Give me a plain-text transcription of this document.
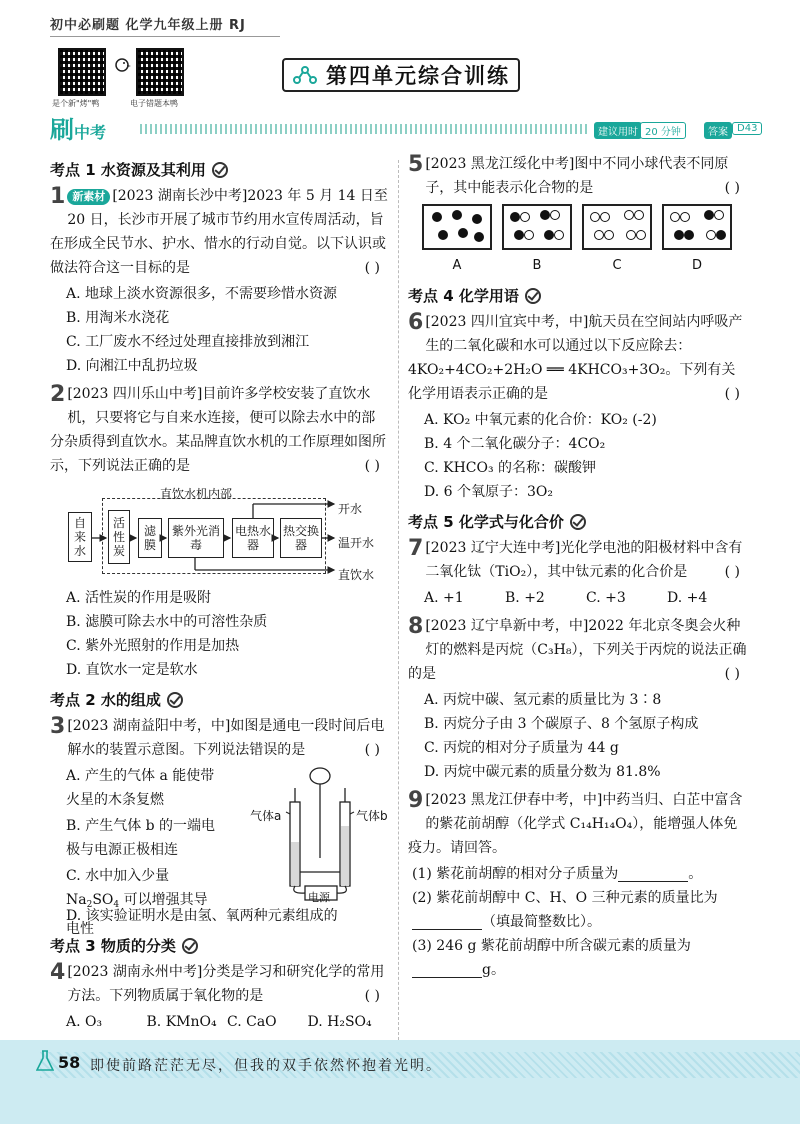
初中必刷题 化学九年级上册 RJ
是个新"烤"鸭	电子错题本鸭
第四单元综合训练
刷中考	建议用时 20 分钟	答案 D43
考点 1 水资源及其利用
1 新素材 [2023 湖南长沙中考]2023 年 5 月 14 日至 20 日，长沙市开展了城市节约用水宣传周活动，旨在形成全民节水、护水、惜水的行动自觉。以下认识或做法符合这一目标的是	( )
A. 地球上淡水资源很多，不需要珍惜水资源
B. 用淘米水浇花
C. 工厂废水不经过处理直接排放到湘江
D. 向湘江中乱扔垃圾
2 [2023 四川乐山中考]目前许多学校安装了直饮水机，只要将它与自来水连接，便可以除去水中的部分杂质得到直饮水。某品牌直饮水机的工作原理如图所示，下列说法正确的是	( )
直饮水机内部
自来水
活性炭
滤膜
紫外光消毒
电热水器
热交换器
开水
温开水
直饮水
A. 活性炭的作用是吸附
B. 滤膜可除去水中的可溶性杂质
C. 紫外光照射的作用是加热
D. 直饮水一定是软水
考点 2 水的组成
3 [2023 湖南益阳中考，中]如图是通电一段时间后电解水的装置示意图。下列说法错误的是	( )
A. 产生的气体 a 能使带火星的木条复燃
B. 产生气体 b 的一端电极与电源正极相连
C. 水中加入少量 $Na_2SO_4$ 可以增强其导电性
气体a	气体b
电源
D. 该实验证明水是由氢、氧两种元素组成的
考点 3 物质的分类
4 [2023 湖南永州中考]分类是学习和研究化学的常用方法。下列物质属于氧化物的是	( )
A. O₃	B. KMnO₄ C. CaO	D. H₂SO₄
5 [2023 黑龙江绥化中考]图中不同小球代表不同原子，其中能表示化合物的是	( )
A	B	C	D
考点 4 化学用语
6 [2023 四川宜宾中考，中]航天员在空间站内呼吸产生的二氧化碳和水可以通过以下反应除去：4KO₂+4CO₂+2H₂O ══ 4KHCO₃+3O₂。下列有关化学用语表示正确的是	( )
A. KO₂ 中氧元素的化合价：KO₂ (-2)
B. 4 个二氧化碳分子：4CO₂
C. KHCO₃ 的名称：碳酸钾
D. 6 个氧原子：3O₂
考点 5 化学式与化合价
7 [2023 辽宁大连中考]光化学电池的阳极材料中含有二氧化钛（TiO₂），其中钛元素的化合价是	( )
A. +1	B. +2	C. +3	D. +4
8 [2023 辽宁阜新中考，中]2022 年北京冬奥会火种灯的燃料是丙烷（C₃H₈），下列关于丙烷的说法正确的是	( )
A. 丙烷中碳、氢元素的质量比为 3∶8
B. 丙烷分子由 3 个碳原子、8 个氢原子构成
C. 丙烷的相对分子质量为 44 g
D. 丙烷中碳元素的质量分数为 81.8%
9 [2023 黑龙江伊春中考，中]中药当归、白芷中富含的紫花前胡醇（化学式 C₁₄H₁₄O₄），能增强人体免疫力。请回答。
(1) 紫花前胡醇的相对分子质量为	。
(2) 紫花前胡醇中 C、H、O 三种元素的质量比为
（填最简整数比）。
(3) 246 g 紫花前胡醇中所含碳元素的质量为
g。
58 即使前路茫茫无尽，但我的双手依然怀抱着光明。
